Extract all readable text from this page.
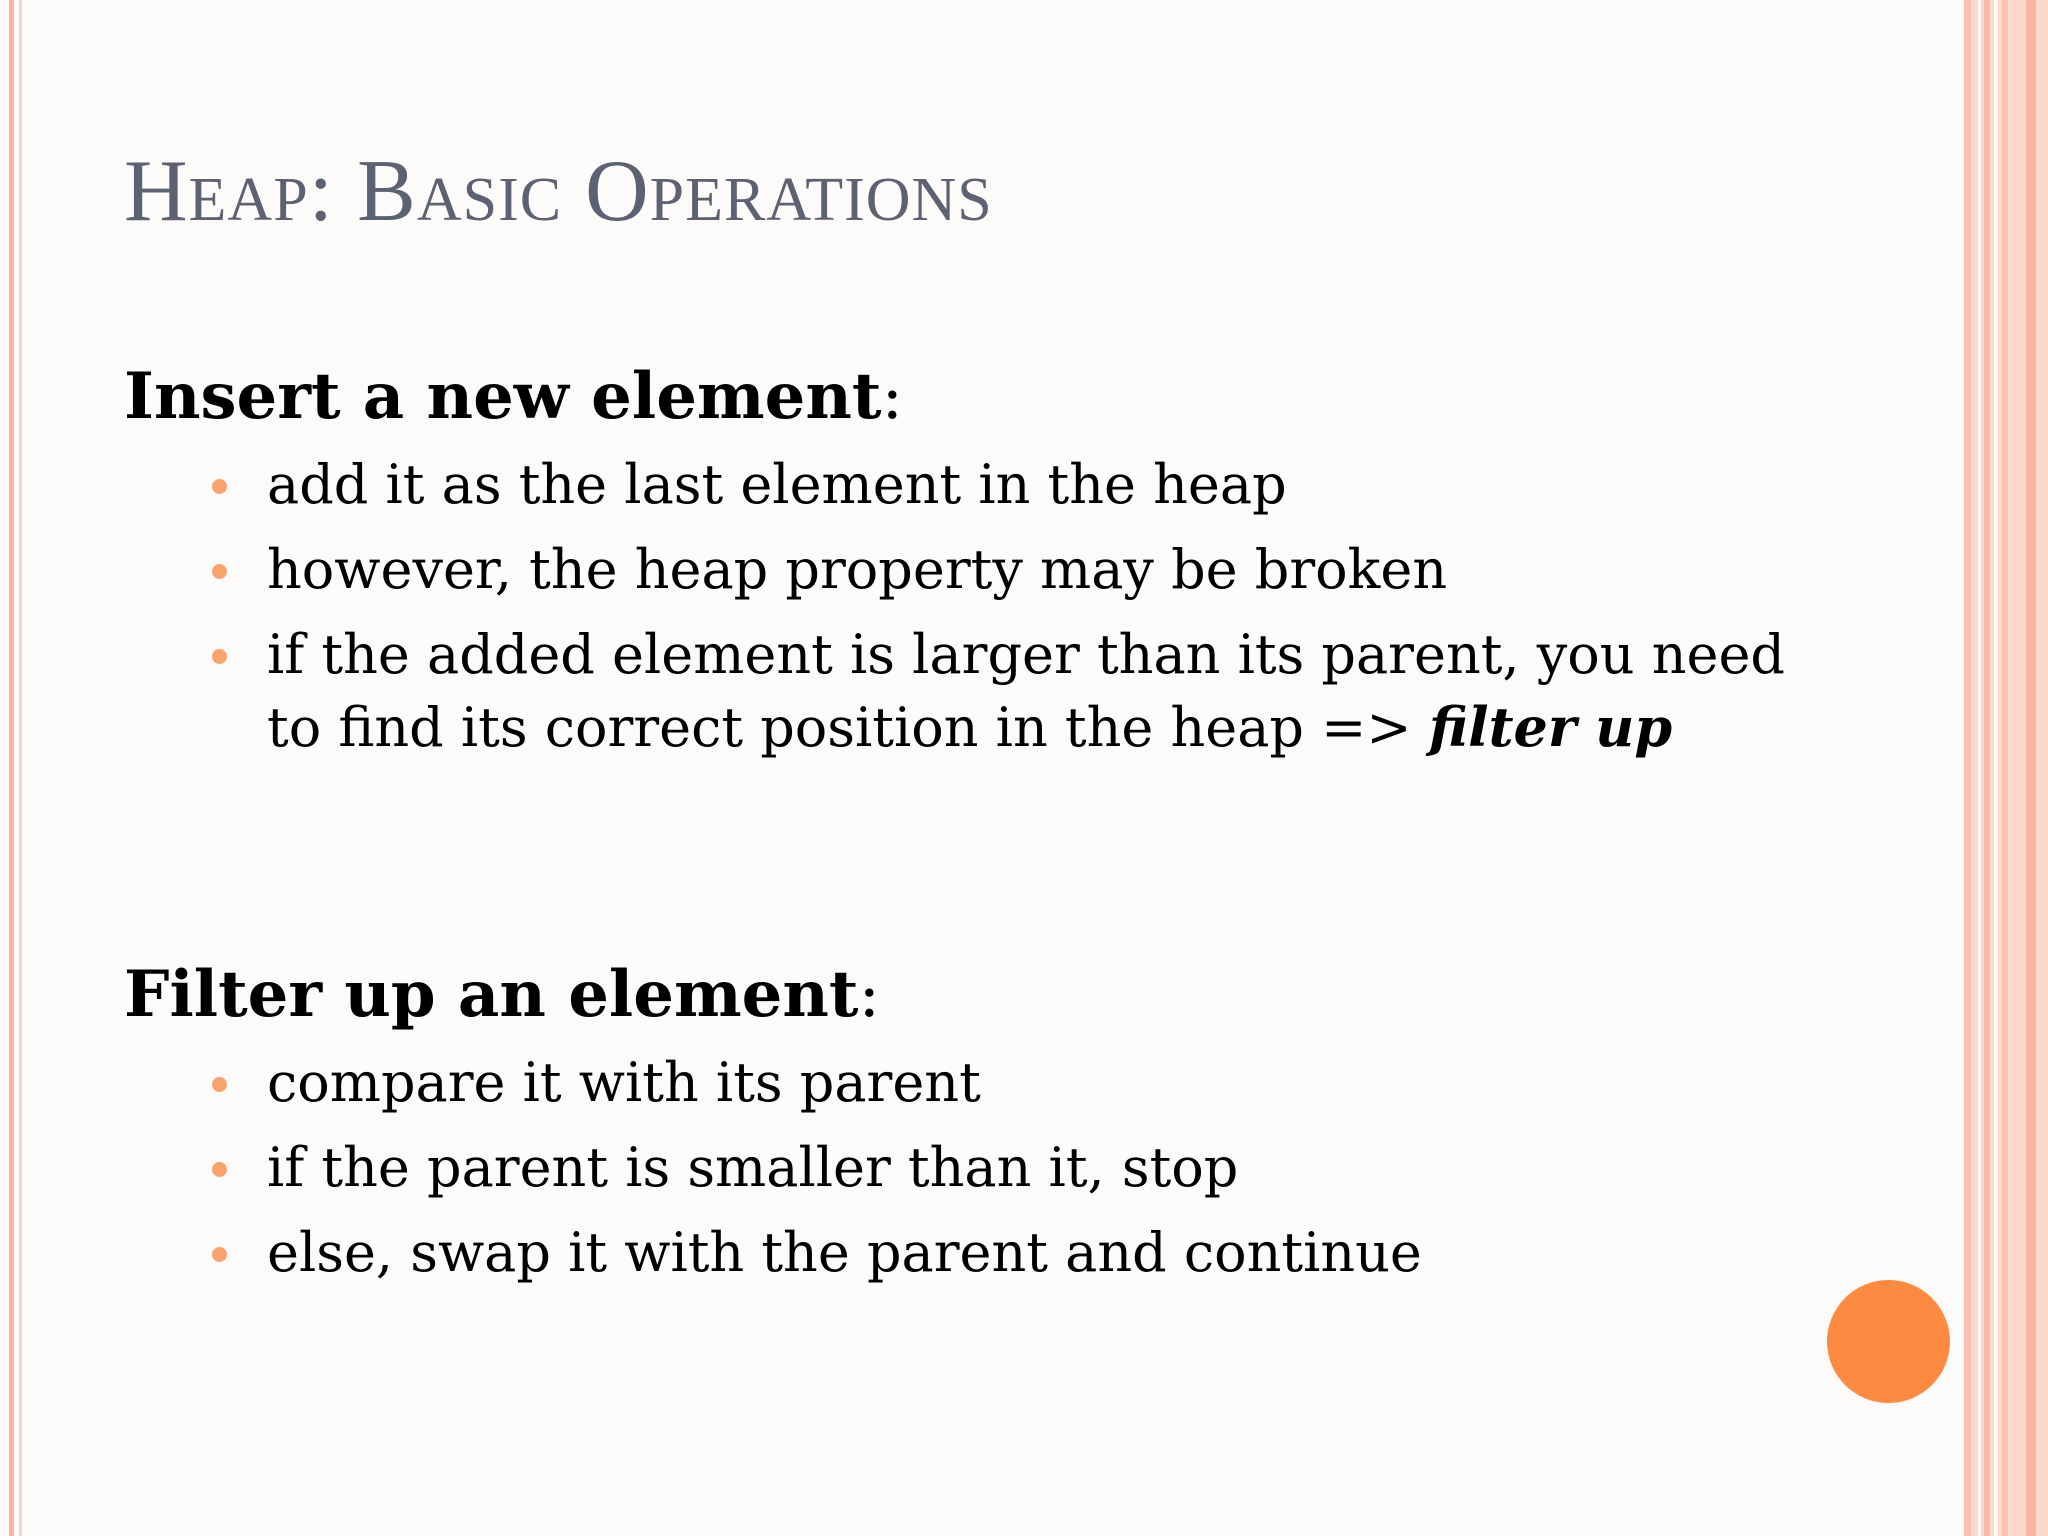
Heap: Basic Operations

Insert a new element:

add it as the last element in the heap
however, the heap property may be broken
if the added element is larger than its parent, you need to find its correct position in the heap => filter up

Filter up an element:

compare it with its parent
if the parent is smaller than it, stop
else, swap it with the parent and continue
